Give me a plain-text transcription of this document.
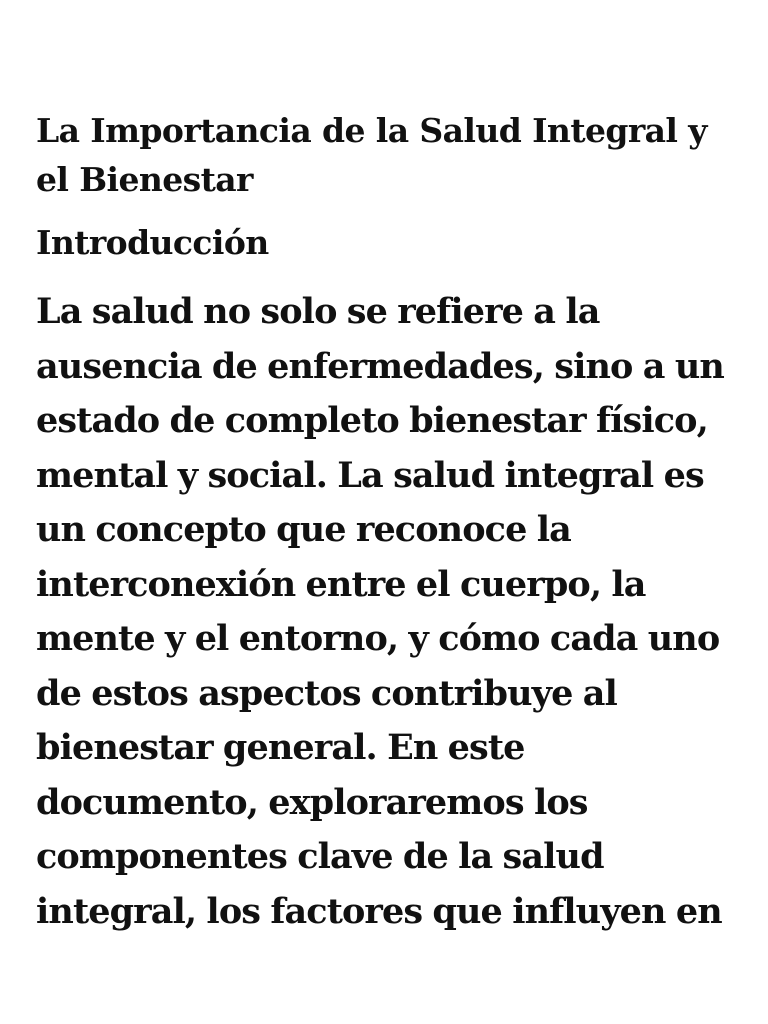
La Importancia de la Salud Integral y el Bienestar
Introducción

La salud no solo se refiere a la ausencia de enfermedades, sino a un estado de completo bienestar físico, mental y social. La salud integral es un concepto que reconoce la interconexión entre el cuerpo, la mente y el entorno, y cómo cada uno de estos aspectos contribuye al bienestar general. En este documento, exploraremos los componentes clave de la salud integral, los factores que influyen en
